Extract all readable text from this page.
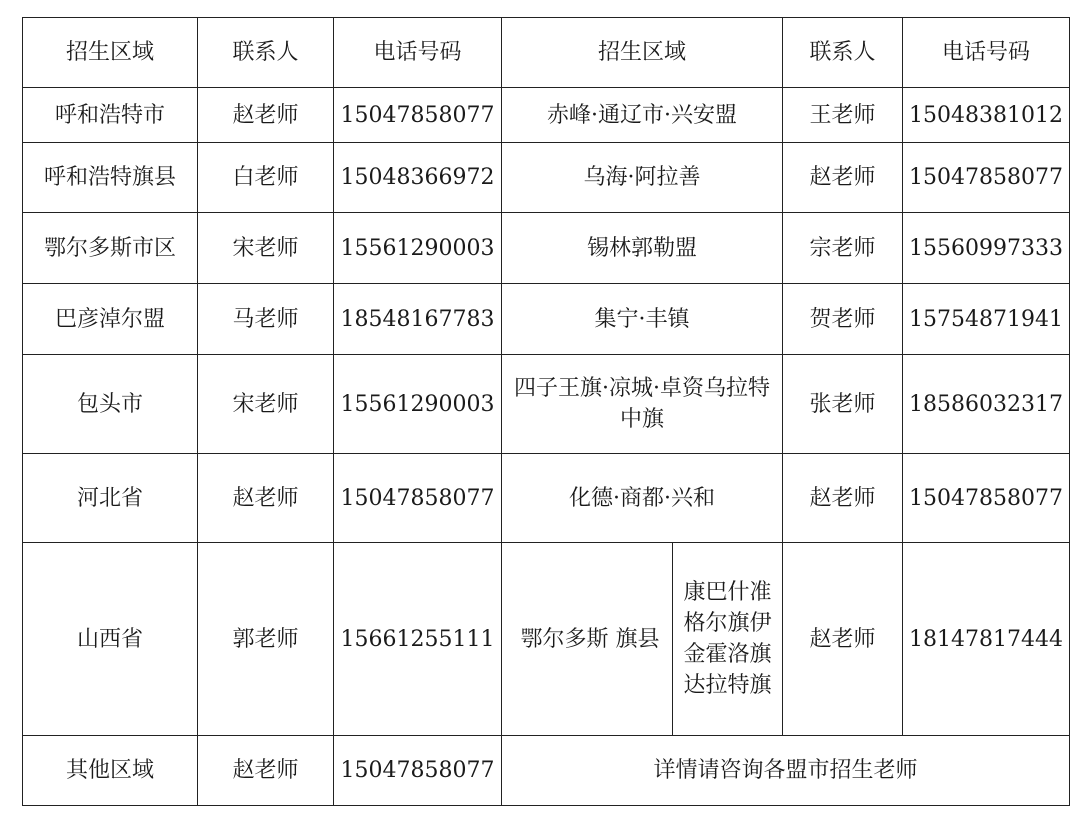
招生区域	联系人	电话号码	招生区域		联系人	电话号码
呼和浩特市	赵老师	15047858077	赤峰·通辽市·兴安盟		王老师	15048381012
呼和浩特旗县	白老师	15048366972	乌海·阿拉善		赵老师	15047858077
鄂尔多斯市区	宋老师	15561290003	锡林郭勒盟		宗老师	15560997333
巴彦淖尔盟	马老师	18548167783	集宁·丰镇		贺老师	15754871941
包头市	宋老师	15561290003	四子王旗·凉城·卓资乌拉特中旗		张老师	18586032317
河北省	赵老师	15047858077	化德·商都·兴和		赵老师	15047858077
山西省	郭老师	15661255111	鄂尔多斯 旗县	康巴什准格尔旗伊金霍洛旗达拉特旗	赵老师	18147817444
其他区域	赵老师	15047858077	详情请咨询各盟市招生老师			
